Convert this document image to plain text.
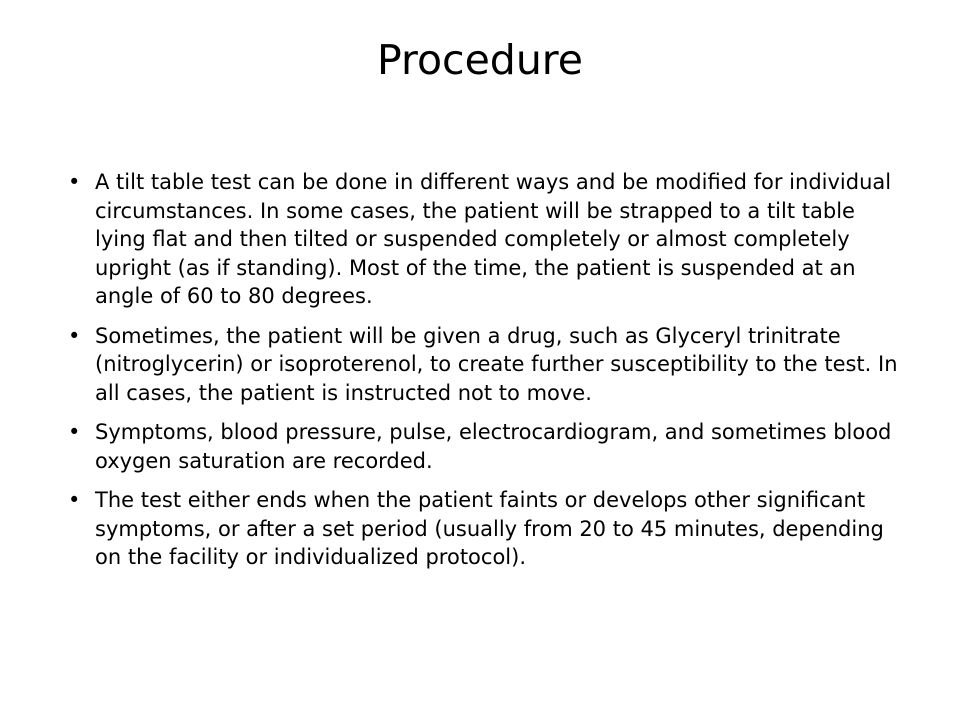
Procedure
• A tilt table test can be done in different ways and be modified for individual circumstances. In some cases, the patient will be strapped to a tilt table lying flat and then tilted or suspended completely or almost completely upright (as if standing). Most of the time, the patient is suspended at an angle of 60 to 80 degrees.
• Sometimes, the patient will be given a drug, such as Glyceryl trinitrate (nitroglycerin) or isoproterenol, to create further susceptibility to the test. In all cases, the patient is instructed not to move.
• Symptoms, blood pressure, pulse, electrocardiogram, and sometimes blood oxygen saturation are recorded.
• The test either ends when the patient faints or develops other significant symptoms, or after a set period (usually from 20 to 45 minutes, depending on the facility or individualized protocol).
